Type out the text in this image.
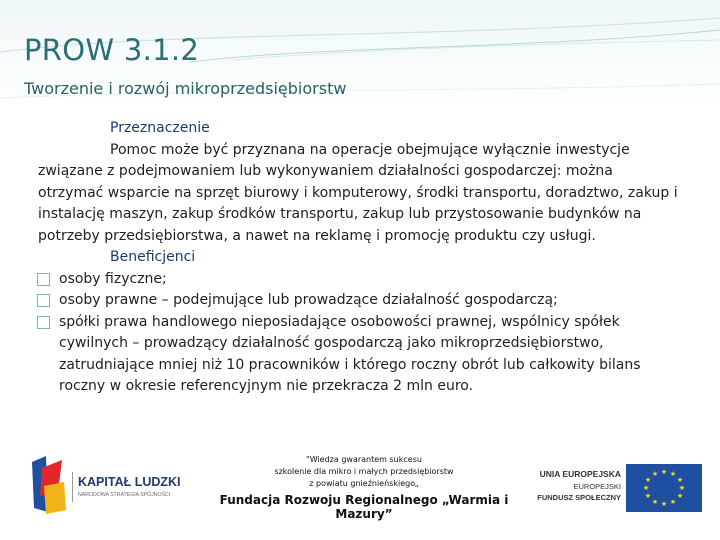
PROW 3.1.2
Tworzenie i rozwój mikroprzedsiębiorstw
Przeznaczenie

Pomoc może być przyznana na operacje obejmujące wyłącznie inwestycje związane z podejmowaniem lub wykonywaniem działalności gospodarczej: można otrzymać wsparcie na sprzęt biurowy i komputerowy, środki transportu, doradztwo, zakup i instalację maszyn, zakup środków transportu, zakup lub przystosowanie budynków na potrzeby przedsiębiorstwa, a nawet na reklamę i promocję produktu czy usługi.

Beneficjenci
osoby fizyczne;
osoby prawne – podejmujące lub prowadzące działalność gospodarczą;
spółki prawa handlowego nieposiadające osobowości prawnej, wspólnicy spółek cywilnych – prowadzący działalność gospodarczą jako mikroprzedsiębiorstwo, zatrudniające mniej niż 10 pracowników i którego roczny obrót lub całkowity bilans roczny w okresie referencyjnym nie przekracza 2 mln euro.
KAPITAŁ LUDZKI
NARODOWA STRATEGIA SPÓJNOŚCI
"Wiedza gwarantem sukcesu
szkolenie dla mikro i małych przedsiębiorstw
z powiatu gnieźnieńskiego„
Fundacja Rozwoju Regionalnego „Warmia i Mazury”
UNIA EUROPEJSKA
EUROPEJSKI
FUNDUSZ SPOŁECZNY
★ ★
★
★
★
★
★
★
★
★
★
★
